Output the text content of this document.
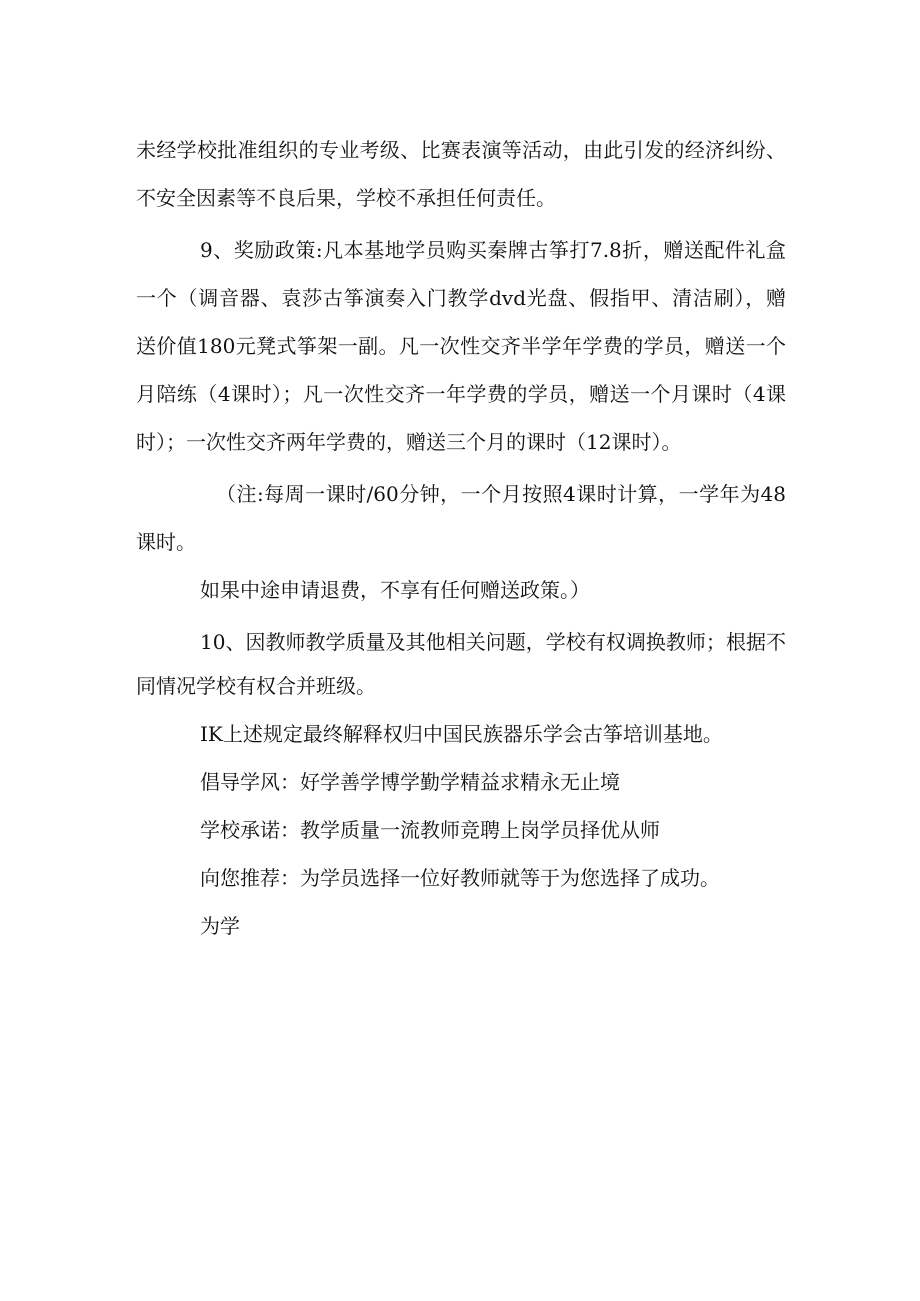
未经学校批准组织的专业考级、比赛表演等活动，由此引发的经济纠纷、

不安全因素等不良后果，学校不承担任何责任。

9、奖励政策:凡本基地学员购买秦牌古筝打7.8折，赠送配件礼盒

一个（调音器、袁莎古筝演奏入门教学dvd光盘、假指甲、清洁刷），赠

送价值180元凳式筝架一副。凡一次性交齐半学年学费的学员，赠送一个

月陪练（4课时）；凡一次性交齐一年学费的学员，赠送一个月课时（4课

时）；一次性交齐两年学费的，赠送三个月的课时（12课时）。

（注:每周一课时/60分钟，一个月按照4课时计算，一学年为48

课时。

如果中途申请退费，不享有任何赠送政策。）

10、因教师教学质量及其他相关问题，学校有权调换教师；根据不

同情况学校有权合并班级。

IK上述规定最终解释权归中国民族器乐学会古筝培训基地。

倡导学风：好学善学博学勤学精益求精永无止境

学校承诺：教学质量一流教师竞聘上岗学员择优从师

向您推荐：为学员选择一位好教师就等于为您选择了成功。

为学
